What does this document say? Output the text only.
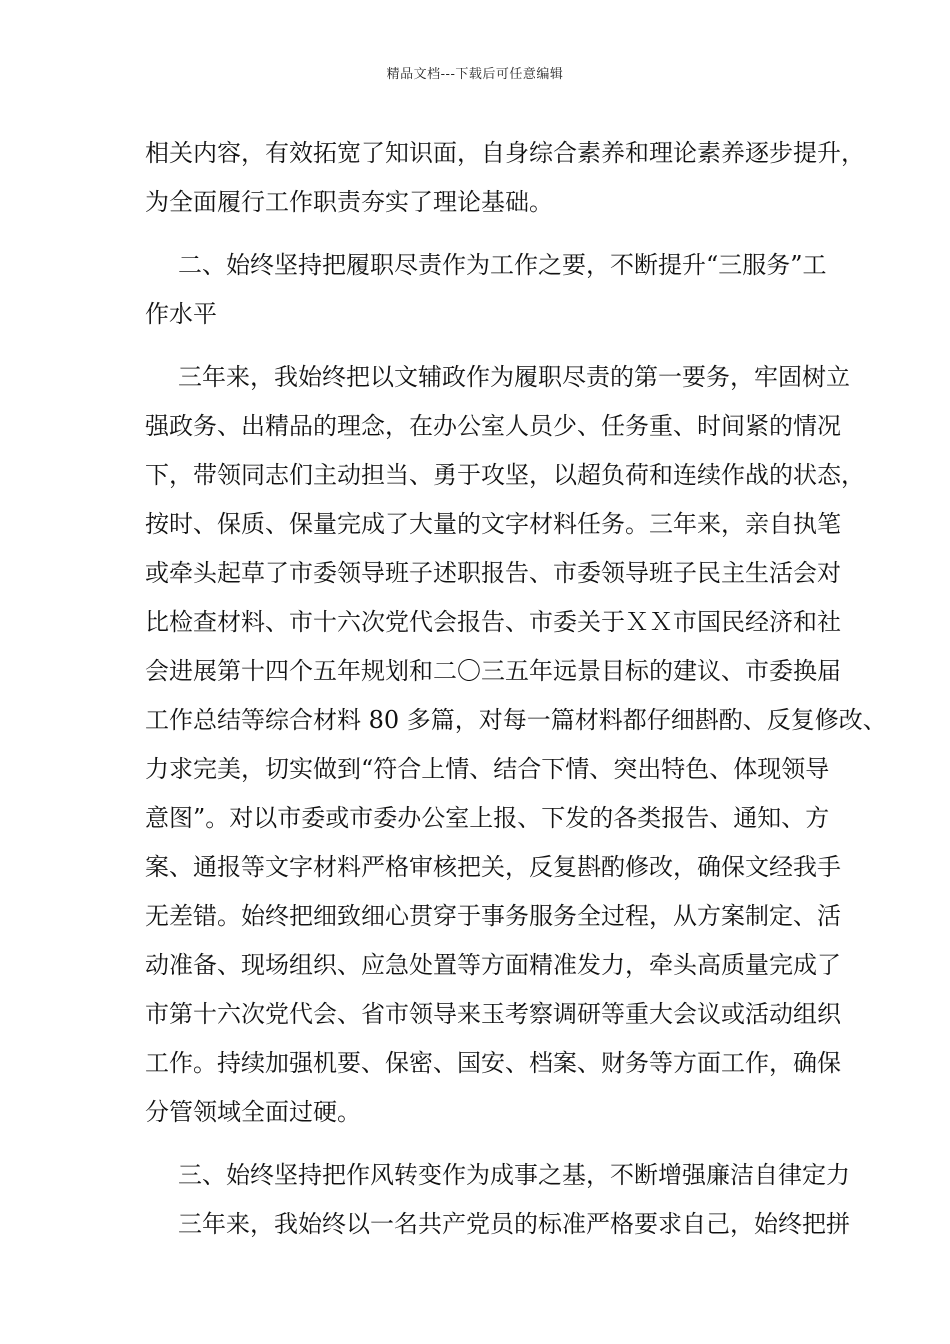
精品文档---下载后可任意编辑
相关内容，有效拓宽了知识面，自身综合素养和理论素养逐步提升，
为全面履行工作职责夯实了理论基础。
二、始终坚持把履职尽责作为工作之要，不断提升“三服务”工
作水平
三年来，我始终把以文辅政作为履职尽责的第一要务，牢固树立
强政务、出精品的理念，在办公室人员少、任务重、时间紧的情况
下，带领同志们主动担当、勇于攻坚，以超负荷和连续作战的状态，
按时、保质、保量完成了大量的文字材料任务。三年来，亲自执笔
或牵头起草了市委领导班子述职报告、市委领导班子民主生活会对
比检查材料、市十六次党代会报告、市委关于ＸＸ市国民经济和社
会进展第十四个五年规划和二〇三五年远景目标的建议、市委换届
工作总结等综合材料 80 多篇，对每一篇材料都仔细斟酌、反复修改、
力求完美，切实做到“符合上情、结合下情、突出特色、体现领导
意图”。对以市委或市委办公室上报、下发的各类报告、通知、方
案、通报等文字材料严格审核把关，反复斟酌修改，确保文经我手
无差错。始终把细致细心贯穿于事务服务全过程，从方案制定、活
动准备、现场组织、应急处置等方面精准发力，牵头高质量完成了
市第十六次党代会、省市领导来玉考察调研等重大会议或活动组织
工作。持续加强机要、保密、国安、档案、财务等方面工作，确保
分管领域全面过硬。
三、始终坚持把作风转变作为成事之基，不断增强廉洁自律定力
三年来，我始终以一名共产党员的标准严格要求自己，始终把拼
